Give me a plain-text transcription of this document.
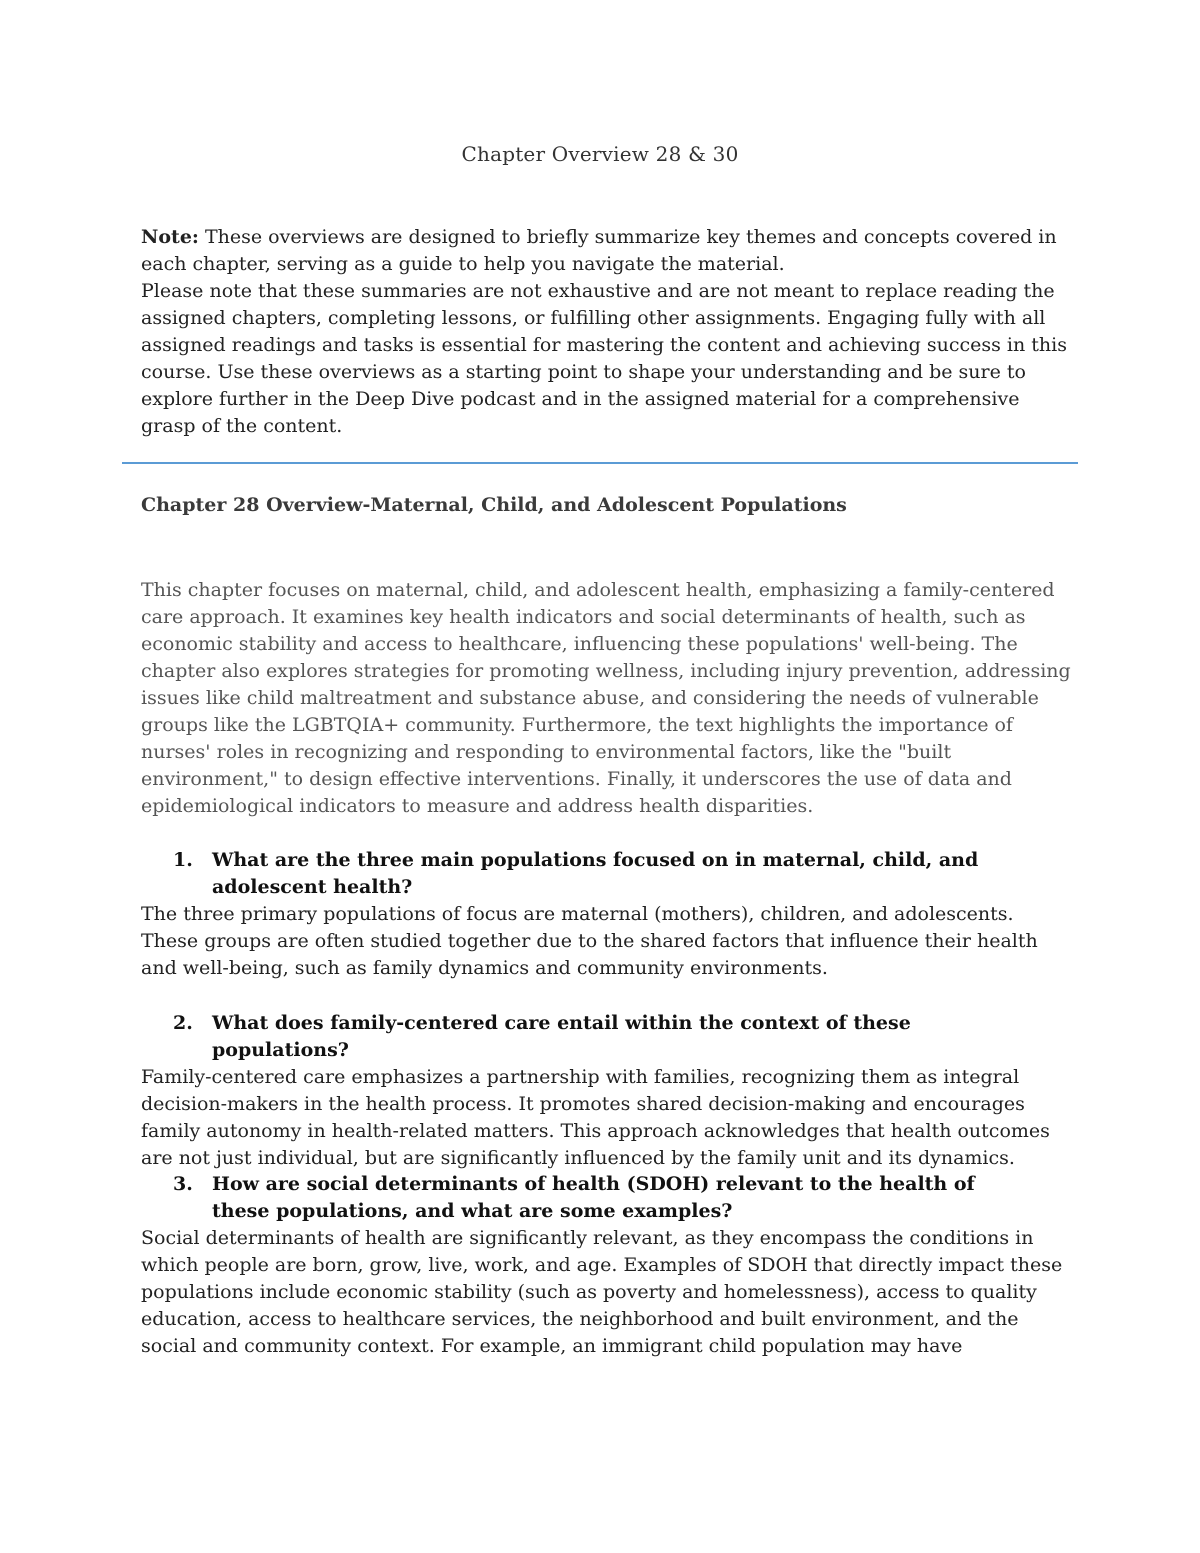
Chapter Overview 28 & 30

Note: These overviews are designed to briefly summarize key themes and concepts covered in each chapter, serving as a guide to help you navigate the material.

Please note that these summaries are not exhaustive and are not meant to replace reading the assigned chapters, completing lessons, or fulfilling other assignments. Engaging fully with all assigned readings and tasks is essential for mastering the content and achieving success in this course. Use these overviews as a starting point to shape your understanding and be sure to explore further in the Deep Dive podcast and in the assigned material for a comprehensive grasp of the content.

Chapter 28 Overview-Maternal, Child, and Adolescent Populations

This chapter focuses on maternal, child, and adolescent health, emphasizing a family-centered care approach. It examines key health indicators and social determinants of health, such as economic stability and access to healthcare, influencing these populations' well-being. The chapter also explores strategies for promoting wellness, including injury prevention, addressing issues like child maltreatment and substance abuse, and considering the needs of vulnerable groups like the LGBTQIA+ community. Furthermore, the text highlights the importance of nurses' roles in recognizing and responding to environmental factors, like the "built environment," to design effective interventions. Finally, it underscores the use of data and epidemiological indicators to measure and address health disparities.

1.	What are the three main populations focused on in maternal, child, and adolescent health?

The three primary populations of focus are maternal (mothers), children, and adolescents. These groups are often studied together due to the shared factors that influence their health and well-being, such as family dynamics and community environments.

2.	What does family-centered care entail within the context of these populations?

Family-centered care emphasizes a partnership with families, recognizing them as integral decision-makers in the health process. It promotes shared decision-making and encourages family autonomy in health-related matters. This approach acknowledges that health outcomes are not just individual, but are significantly influenced by the family unit and its dynamics.

3.	How are social determinants of health (SDOH) relevant to the health of these populations, and what are some examples?

Social determinants of health are significantly relevant, as they encompass the conditions in which people are born, grow, live, work, and age. Examples of SDOH that directly impact these populations include economic stability (such as poverty and homelessness), access to quality education, access to healthcare services, the neighborhood and built environment, and the social and community context. For example, an immigrant child population may have
